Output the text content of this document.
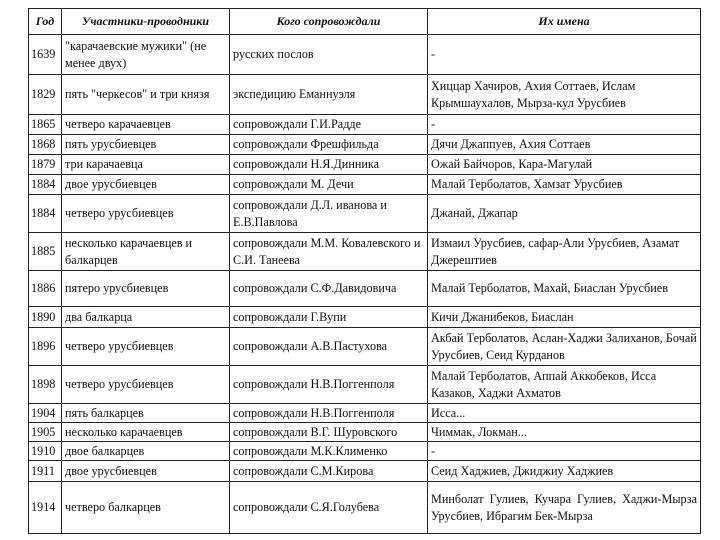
Год	Участники-проводники	Кого сопровождали	Их имена
1639	"карачаевские мужики" (не менее двух)	русских послов	-
1829	пять "черкесов" и три князя	экспедицию Еманнуэля	Хиццар Хачиров, Ахия Соттаев, Ислам Крымшаухалов, Мырза-кул Урусбиев
1865	четверо карачаевцев	сопровождали Г.И.Радде	-
1868	пять урусбиевцев	сопровождали Фрешфильда	Дячи Джаппуев, Ахия Соттаев
1879	три карачаевца	сопровождали Н.Я.Динника	Ожай Байчоров, Кара-Магулай
1884	двое урусбиевцев	сопровождали М. Дечи	Малай Терболатов, Хамзат Урусбиев
1884	четверо урусбиевцев	сопровождали Д.Л. иванова и Е.В.Павлова	Джанай, Джапар
1885	несколько карачаевцев и балкарцев	сопровождали М.М. Ковалевского и С.И. Танеева	Измаил Урусбиев, сафар-Али Урусбиев, Азамат Джерештиев
1886	пятеро урусбиевцев	сопровождали С.Ф.Давидовича	Малай Терболатов, Махай, Биаслан Урусбиев
1890	два балкарца	сопровождали Г.Вупи	Кичи Джанибеков, Биаслан
1896	четверо урусбиевцев	сопровождали А.В.Пастухова	Акбай Терболатов, Аслан-Хаджи Залиханов, Бочай Урусбиев, Сеид Курданов
1898	четверо урусбиевцев	сопровождали Н.В.Поггенполя	Малай Терболатов, Аппай Аккобеков, Исса Казаков, Хаджи Ахматов
1904	пять балкарцев	сопровождали Н.В.Поггенполя	Исса...
1905	несколько карачаевцев	сопровождали В.Г. Шуровского	Чиммак, Локман...
1910	двое балкарцев	сопровождали М.К.Клименко	-
1911	двое урусбиевцев	сопровождали С.М.Кирова	Сеид Хаджиев, Джиджиу Хаджиев
1914	четверо балкарцев	сопровождали С.Я.Голубева	Минболат Гулиев, Кучара Гулиев, Хаджи-Мырза Урусбиев, Ибрагим Бек-Мырза
